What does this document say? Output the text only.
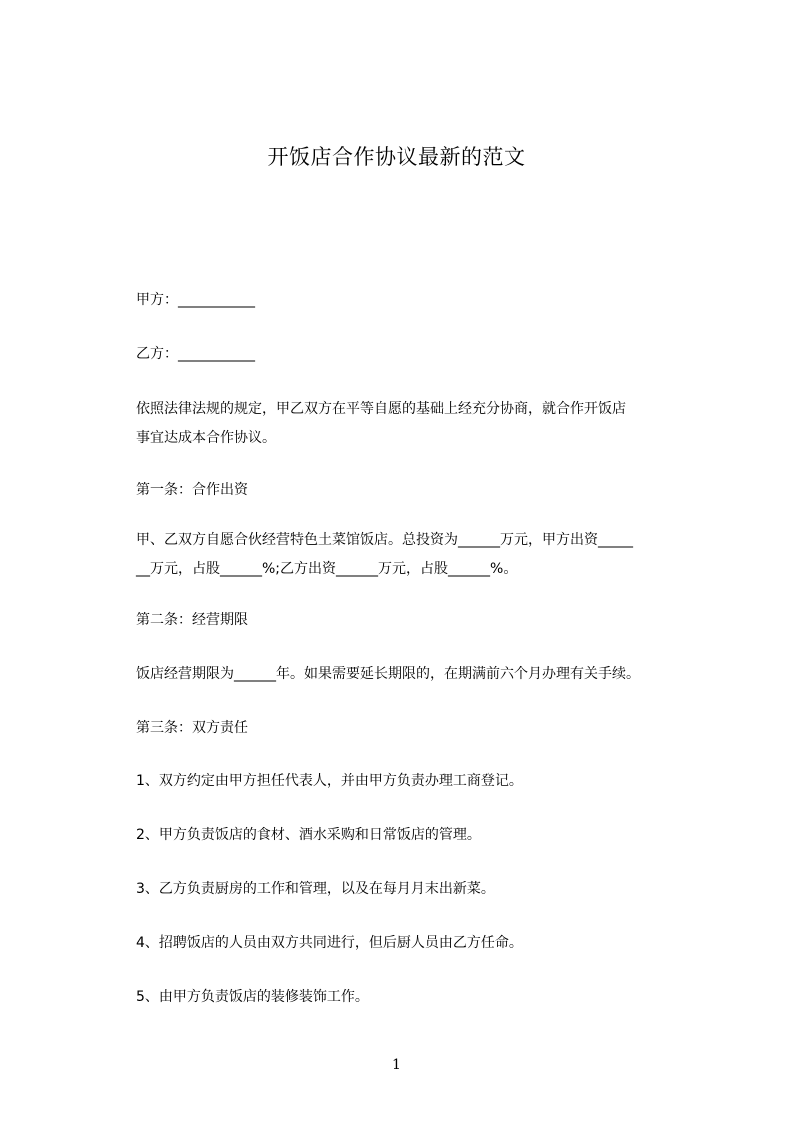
开饭店合作协议最新的范文
甲方：___________
乙方：___________
依照法律法规的规定，甲乙双方在平等自愿的基础上经充分协商，就合作开饭店
事宜达成本合作协议。
第一条：合作出资
甲、乙双方自愿合伙经营特色土菜馆饭店。总投资为______万元，甲方出资_____
__万元，占股______%;乙方出资______万元，占股______%。
第二条：经营期限
饭店经营期限为______年。如果需要延长期限的，在期满前六个月办理有关手续。
第三条：双方责任
1、双方约定由甲方担任代表人，并由甲方负责办理工商登记。
2、甲方负责饭店的食材、酒水采购和日常饭店的管理。
3、乙方负责厨房的工作和管理，以及在每月月末出新菜。
4、招聘饭店的人员由双方共同进行，但后厨人员由乙方任命。
5、由甲方负责饭店的装修装饰工作。
1
